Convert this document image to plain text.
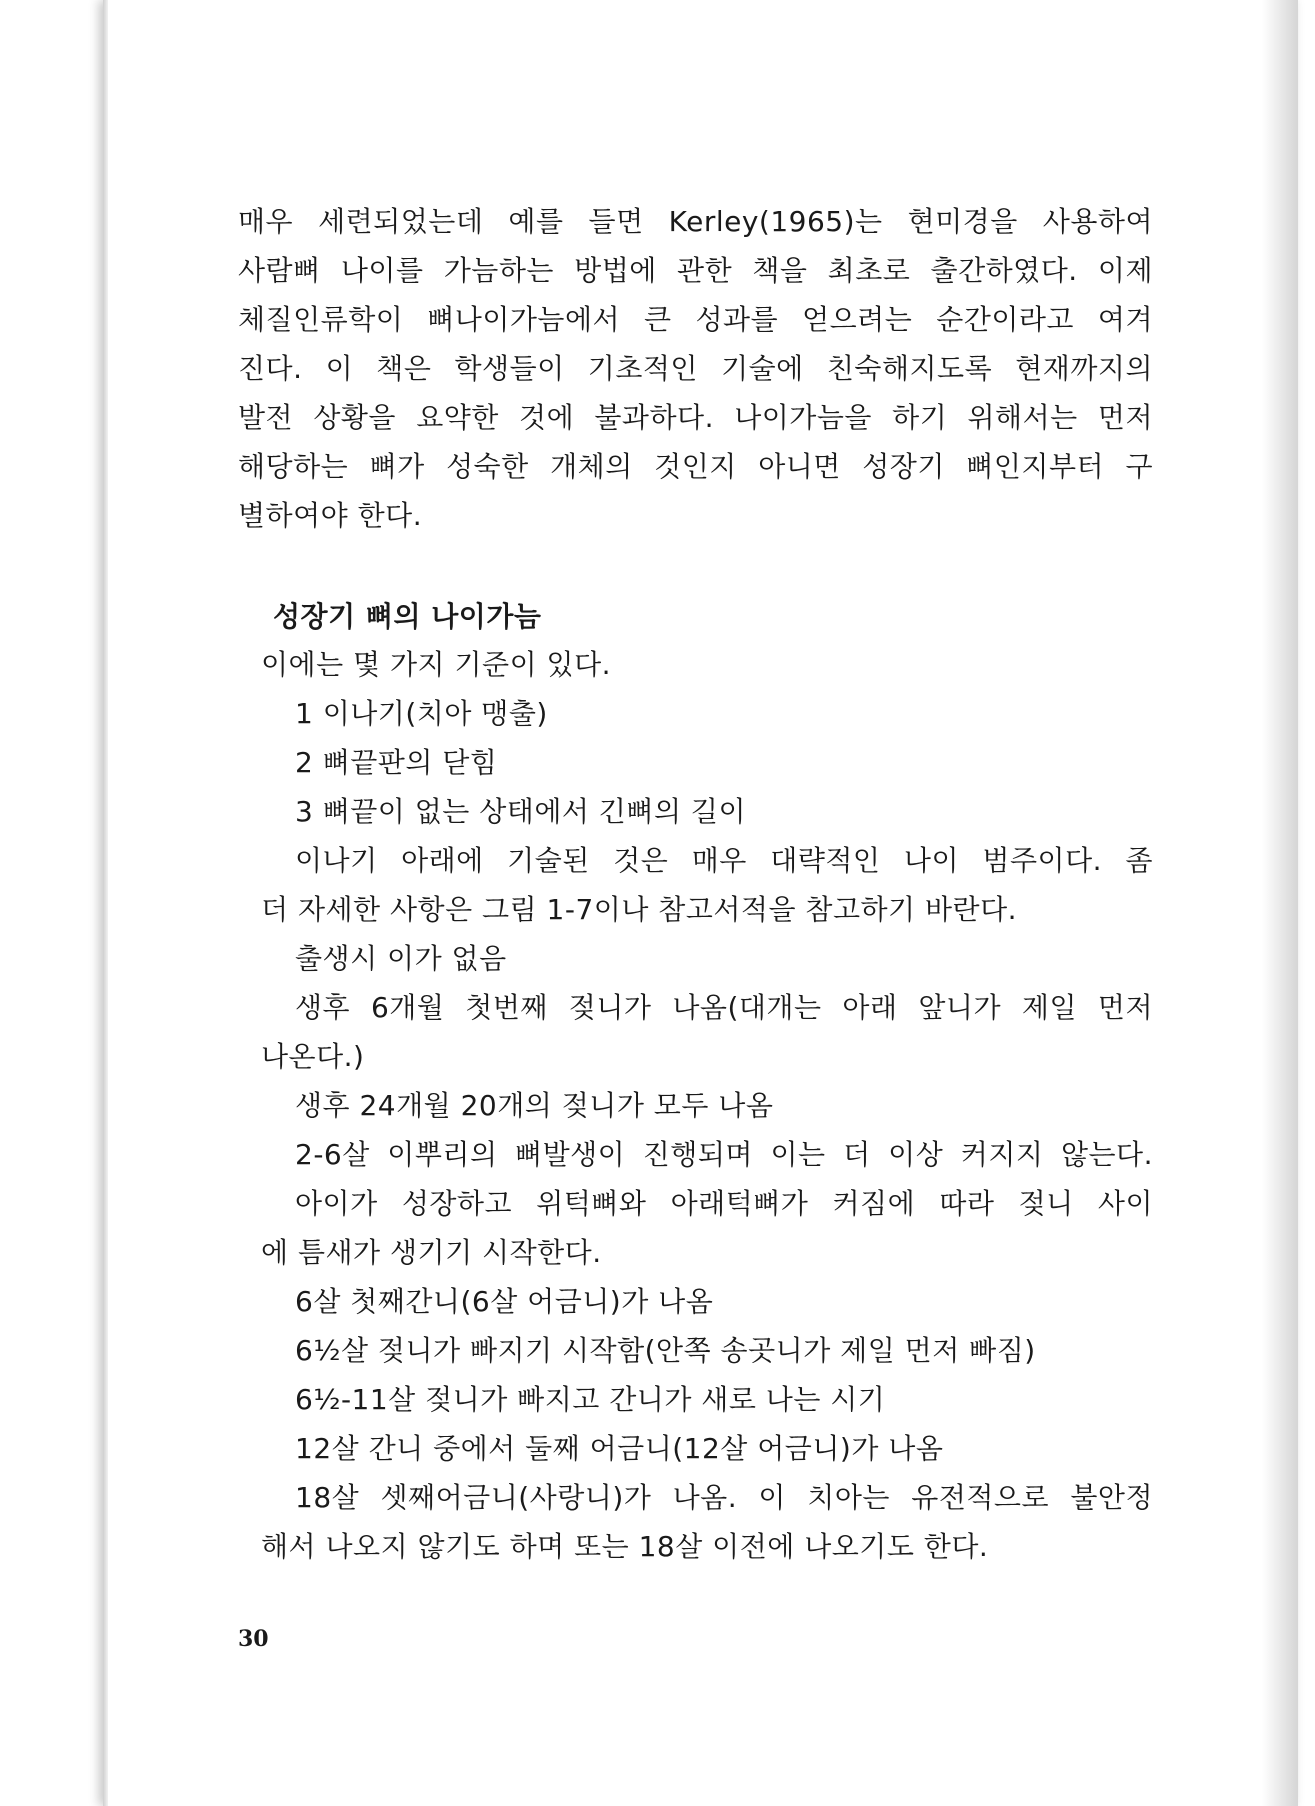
매우 세련되었는데 예를 들면 Kerley(1965)는 현미경을 사용하여
사람뼈 나이를 가늠하는 방법에 관한 책을 최초로 출간하였다. 이제
체질인류학이 뼈나이가늠에서 큰 성과를 얻으려는 순간이라고 여겨
진다. 이 책은 학생들이 기초적인 기술에 친숙해지도록 현재까지의
발전 상황을 요약한 것에 불과하다. 나이가늠을 하기 위해서는 먼저
해당하는 뼈가 성숙한 개체의 것인지 아니면 성장기 뼈인지부터 구
별하여야 한다.
성장기 뼈의 나이가늠
이에는 몇 가지 기준이 있다.
1 이나기(치아 맹출)
2 뼈끝판의 닫힘
3 뼈끝이 없는 상태에서 긴뼈의 길이
이나기 아래에 기술된 것은 매우 대략적인 나이 범주이다. 좀
더 자세한 사항은 그림 1-7이나 참고서적을 참고하기 바란다.
출생시 이가 없음
생후 6개월 첫번째 젖니가 나옴(대개는 아래 앞니가 제일 먼저
나온다.)
생후 24개월 20개의 젖니가 모두 나옴
2-6살 이뿌리의 뼈발생이 진행되며 이는 더 이상 커지지 않는다.
아이가 성장하고 위턱뼈와 아래턱뼈가 커짐에 따라 젖니 사이
에 틈새가 생기기 시작한다.
6살 첫째간니(6살 어금니)가 나옴
6½살 젖니가 빠지기 시작함(안쪽 송곳니가 제일 먼저 빠짐)
6½-11살 젖니가 빠지고 간니가 새로 나는 시기
12살 간니 중에서 둘째 어금니(12살 어금니)가 나옴
18살 셋째어금니(사랑니)가 나옴. 이 치아는 유전적으로 불안정
해서 나오지 않기도 하며 또는 18살 이전에 나오기도 한다.
30
